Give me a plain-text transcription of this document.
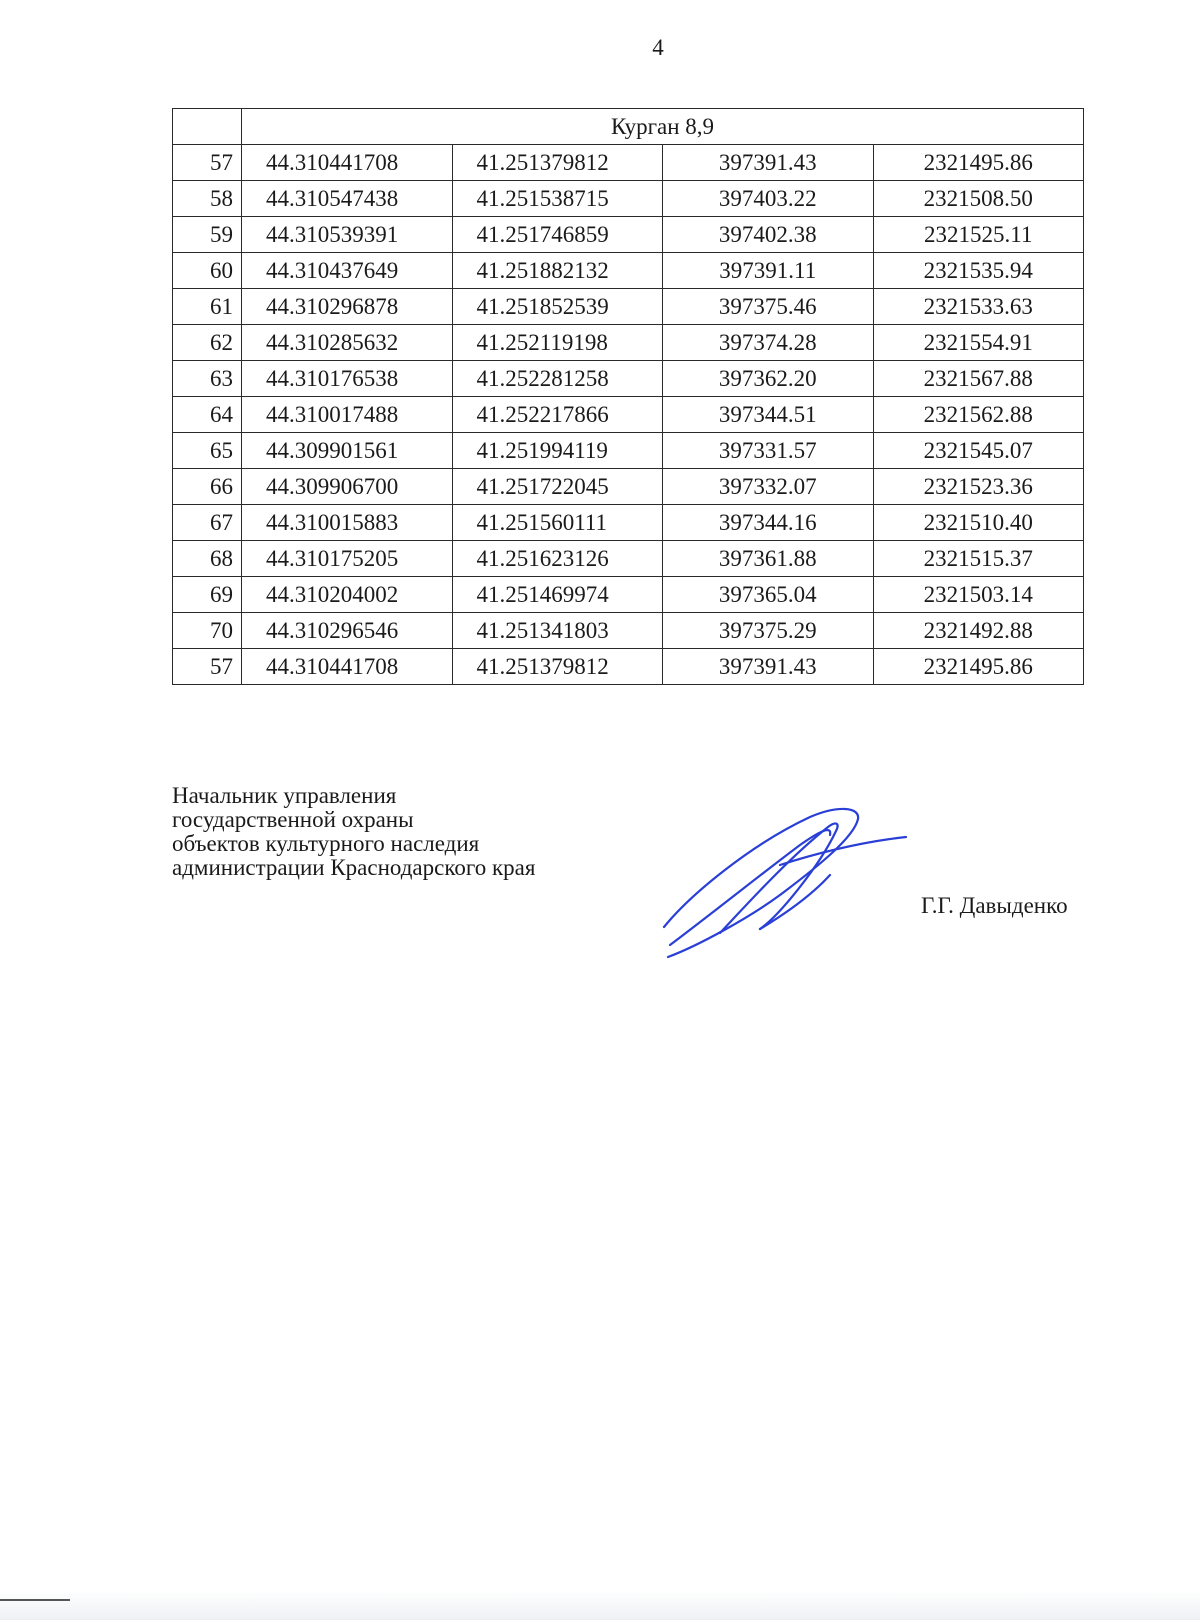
4
	Курган 8,9			
57	44.310441708	41.251379812	397391.43	2321495.86
58	44.310547438	41.251538715	397403.22	2321508.50
59	44.310539391	41.251746859	397402.38	2321525.11
60	44.310437649	41.251882132	397391.11	2321535.94
61	44.310296878	41.251852539	397375.46	2321533.63
62	44.310285632	41.252119198	397374.28	2321554.91
63	44.310176538	41.252281258	397362.20	2321567.88
64	44.310017488	41.252217866	397344.51	2321562.88
65	44.309901561	41.251994119	397331.57	2321545.07
66	44.309906700	41.251722045	397332.07	2321523.36
67	44.310015883	41.251560111	397344.16	2321510.40
68	44.310175205	41.251623126	397361.88	2321515.37
69	44.310204002	41.251469974	397365.04	2321503.14
70	44.310296546	41.251341803	397375.29	2321492.88
57	44.310441708	41.251379812	397391.43	2321495.86
Начальник управления
государственной охраны
объектов культурного наследия
администрации Краснодарского края
Г.Г. Давыденко
